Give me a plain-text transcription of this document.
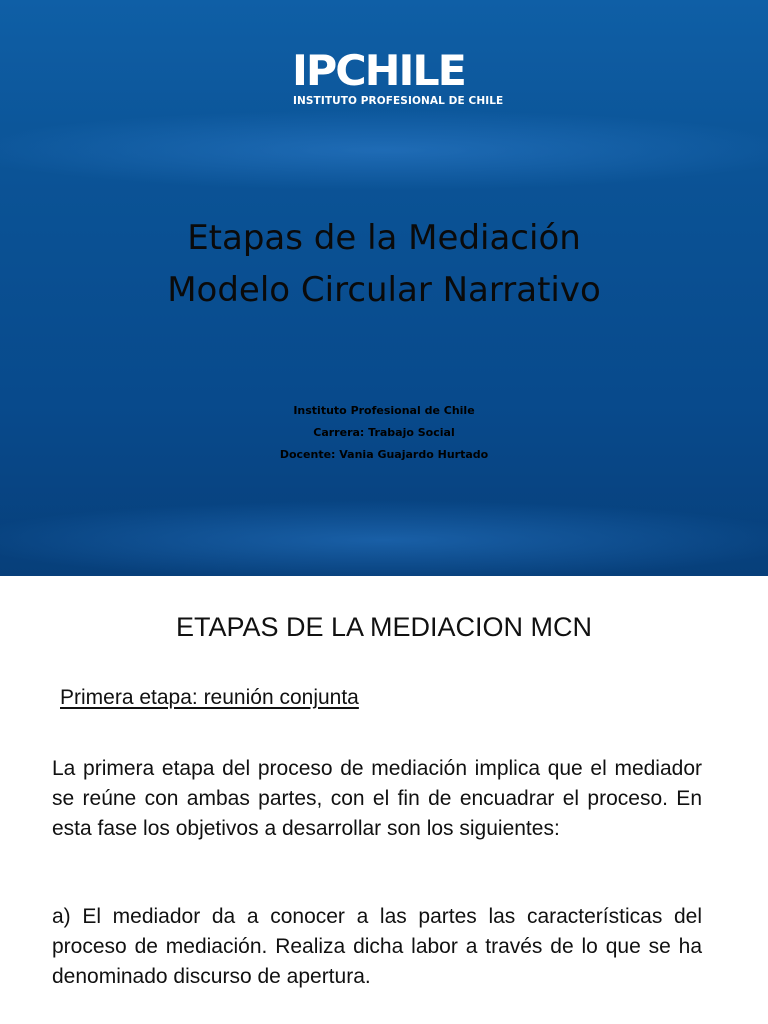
IPCHILE
INSTITUTO PROFESIONAL DE CHILE
Etapas de la Mediación
Modelo Circular Narrativo
Instituto Profesional de Chile
Carrera: Trabajo Social
Docente: Vania Guajardo Hurtado
ETAPAS DE LA MEDIACION MCN
Primera etapa: reunión conjunta
La primera etapa del proceso de mediación implica que el mediador se reúne con ambas partes, con el fin de encuadrar el proceso. En esta fase los objetivos a desarrollar son los siguientes:
a) El mediador da a conocer a las partes las características del proceso de mediación. Realiza dicha labor a través de lo que se ha denominado discurso de apertura.
